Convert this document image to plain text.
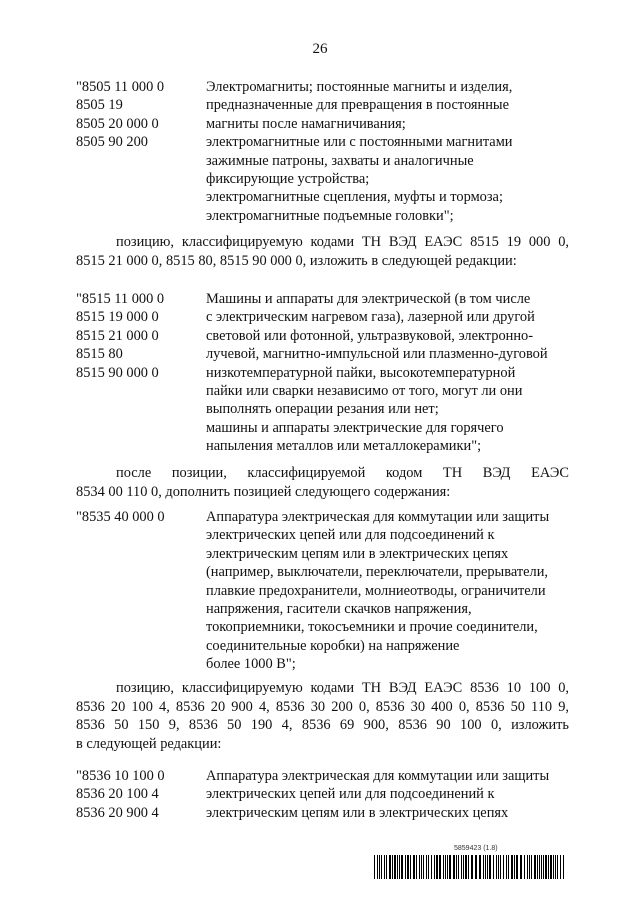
26
"8505 11 000 0
8505 19
8505 20 000 0
8505 90 200
Электромагниты; постоянные магниты и изделия,
предназначенные для превращения в постоянные
магниты после намагничивания;
электромагнитные или с постоянными магнитами
зажимные патроны, захваты и аналогичные
фиксирующие устройства;
электромагнитные сцепления, муфты и тормоза;
электромагнитные подъемные головки";
позицию, классифицируемую кодами ТН ВЭД ЕАЭС 8515 19 000 0,
8515 21 000 0, 8515 80, 8515 90 000 0, изложить в следующей редакции:
"8515 11 000 0
8515 19 000 0
8515 21 000 0
8515 80
8515 90 000 0
Машины и аппараты для электрической (в том числе
с электрическим нагревом газа), лазерной или другой
световой или фотонной, ультразвуковой, электронно-
лучевой, магнитно-импульсной или плазменно-дуговой
низкотемпературной пайки, высокотемпературной
пайки или сварки независимо от того, могут ли они
выполнять операции резания или нет;
машины и аппараты электрические для горячего
напыления металлов или металлокерамики";
после позиции, классифицируемой кодом ТН ВЭД ЕАЭС
8534 00 110 0, дополнить позицией следующего содержания:
"8535 40 000 0	Аппаратура электрическая для коммутации или защиты
электрических цепей или для подсоединений к
электрическим цепям или в электрических цепях
(например, выключатели, переключатели, прерыватели,
плавкие предохранители, молниеотводы, ограничители
напряжения, гасители скачков напряжения,
токоприемники, токосъемники и прочие соединители,
соединительные коробки) на напряжение
более 1000 В";
позицию, классифицируемую кодами ТН ВЭД ЕАЭС 8536 10 100 0,
8536 20 100 4, 8536 20 900 4, 8536 30 200 0, 8536 30 400 0, 8536 50 110 9,
8536 50 150 9, 8536 50 190 4, 8536 69 900, 8536 90 100 0, изложить
в следующей редакции:
"8536 10 100 0
8536 20 100 4
8536 20 900 4
Аппаратура электрическая для коммутации или защиты
электрических цепей или для подсоединений к
электрическим цепям или в электрических цепях
5859423 (1.8)
